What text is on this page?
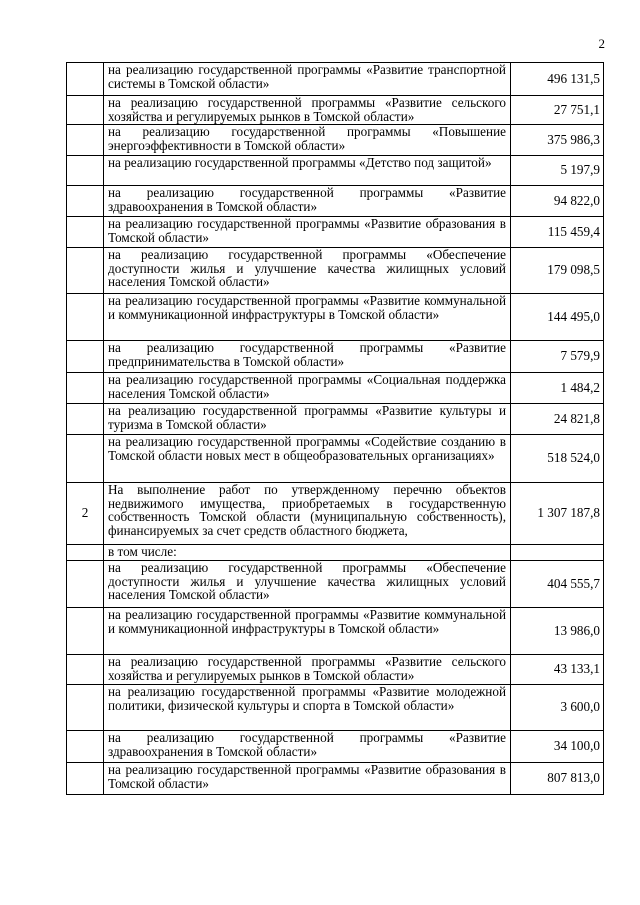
2
	на реализацию государственной программы «Развитие транспортной системы в Томской области»	496 131,5
	на реализацию государственной программы «Развитие сельского хозяйства и регулируемых рынков в Томской области»	27 751,1
	на реализацию государственной программы «Повышение энергоэффективности в Томской области»	375 986,3
	на реализацию государственной программы «Детство под защитой»	5 197,9
	на реализацию государственной программы «Развитие здравоохранения в Томской области»	94 822,0
	на реализацию государственной программы «Развитие образования в Томской области»	115 459,4
	на реализацию государственной программы «Обеспечение доступности жилья и улучшение качества жилищных условий населения Томской области»	179 098,5
	на реализацию государственной программы «Развитие коммунальной и коммуникационной инфраструктуры в Томской области»	144 495,0
	на реализацию государственной программы «Развитие предпринимательства в Томской области»	7 579,9
	на реализацию государственной программы «Социальная поддержка населения Томской области»	1 484,2
	на реализацию государственной программы «Развитие культуры и туризма в Томской области»	24 821,8
	на реализацию государственной программы «Содействие созданию в Томской области новых мест в общеобразовательных организациях»	518 524,0
2	На выполнение работ по утвержденному перечню объектов недвижимого имущества, приобретаемых в государственную собственность Томской области (муниципальную собственность), финансируемых за счет средств областного бюджета,	1 307 187,8
	в том числе:	
	на реализацию государственной программы «Обеспечение доступности жилья и улучшение качества жилищных условий населения Томской области»	404 555,7
	на реализацию государственной программы «Развитие коммунальной и коммуникационной инфраструктуры в Томской области»	13 986,0
	на реализацию государственной программы «Развитие сельского хозяйства и регулируемых рынков в Томской области»	43 133,1
	на реализацию государственной программы «Развитие молодежной политики, физической культуры и спорта в Томской области»	3 600,0
	на реализацию государственной программы «Развитие здравоохранения в Томской области»	34 100,0
	на реализацию государственной программы «Развитие образования в Томской области»	807 813,0
